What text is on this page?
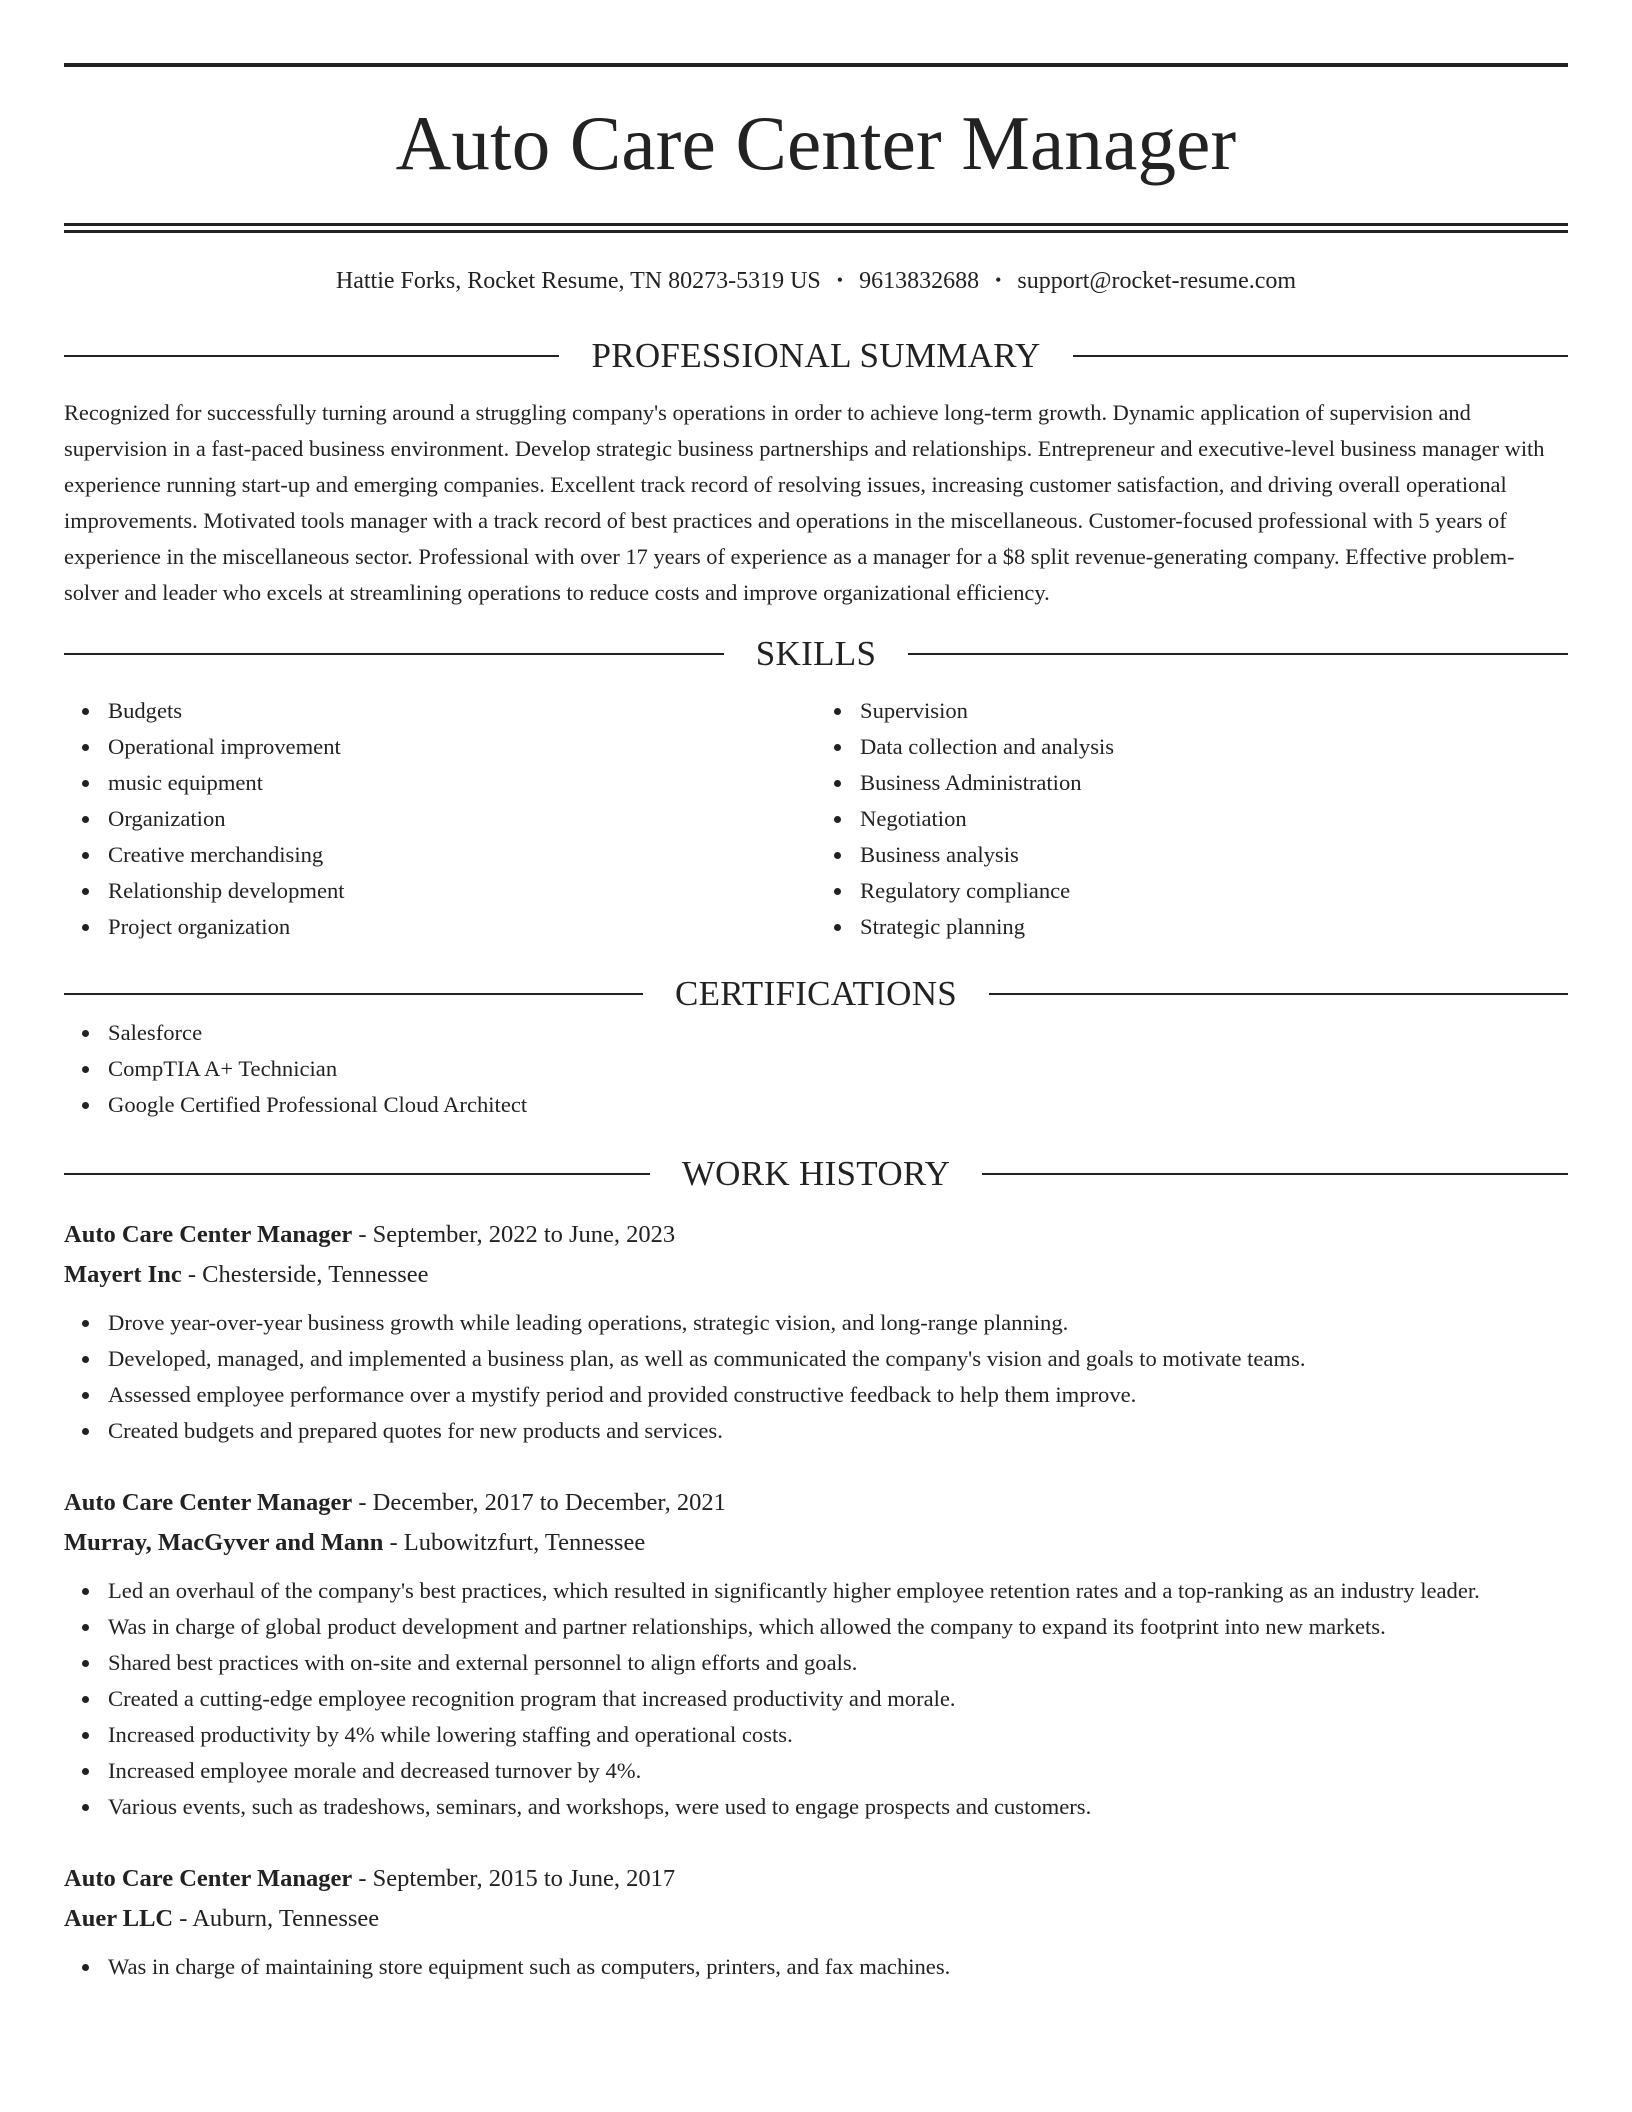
Auto Care Center Manager
Hattie Forks, Rocket Resume, TN 80273-5319 US • 9613832688 • support@rocket-resume.com
PROFESSIONAL SUMMARY

Recognized for successfully turning around a struggling company's operations in order to achieve long-term growth. Dynamic application of supervision and supervision in a fast-paced business environment. Develop strategic business partnerships and relationships. Entrepreneur and executive-level business manager with experience running start-up and emerging companies. Excellent track record of resolving issues, increasing customer satisfaction, and driving overall operational improvements. Motivated tools manager with a track record of best practices and operations in the miscellaneous. Customer-focused professional with 5 years of experience in the miscellaneous sector. Professional with over 17 years of experience as a manager for a $8 split revenue-generating company. Effective problem-solver and leader who excels at streamlining operations to reduce costs and improve organizational efficiency.

SKILLS
Budgets
Operational improvement
music equipment
Organization
Creative merchandising
Relationship development
Project organization
Supervision
Data collection and analysis
Business Administration
Negotiation
Business analysis
Regulatory compliance
Strategic planning
CERTIFICATIONS
Salesforce
CompTIA A+ Technician
Google Certified Professional Cloud Architect
WORK HISTORY
Auto Care Center Manager - September, 2022 to June, 2023
Mayert Inc - Chesterside, Tennessee
Drove year-over-year business growth while leading operations, strategic vision, and long-range planning.
Developed, managed, and implemented a business plan, as well as communicated the company's vision and goals to motivate teams.
Assessed employee performance over a mystify period and provided constructive feedback to help them improve.
Created budgets and prepared quotes for new products and services.
Auto Care Center Manager - December, 2017 to December, 2021
Murray, MacGyver and Mann - Lubowitzfurt, Tennessee
Led an overhaul of the company's best practices, which resulted in significantly higher employee retention rates and a top-ranking as an industry leader.
Was in charge of global product development and partner relationships, which allowed the company to expand its footprint into new markets.
Shared best practices with on-site and external personnel to align efforts and goals.
Created a cutting-edge employee recognition program that increased productivity and morale.
Increased productivity by 4% while lowering staffing and operational costs.
Increased employee morale and decreased turnover by 4%.
Various events, such as tradeshows, seminars, and workshops, were used to engage prospects and customers.
Auto Care Center Manager - September, 2015 to June, 2017
Auer LLC - Auburn, Tennessee
Was in charge of maintaining store equipment such as computers, printers, and fax machines.
